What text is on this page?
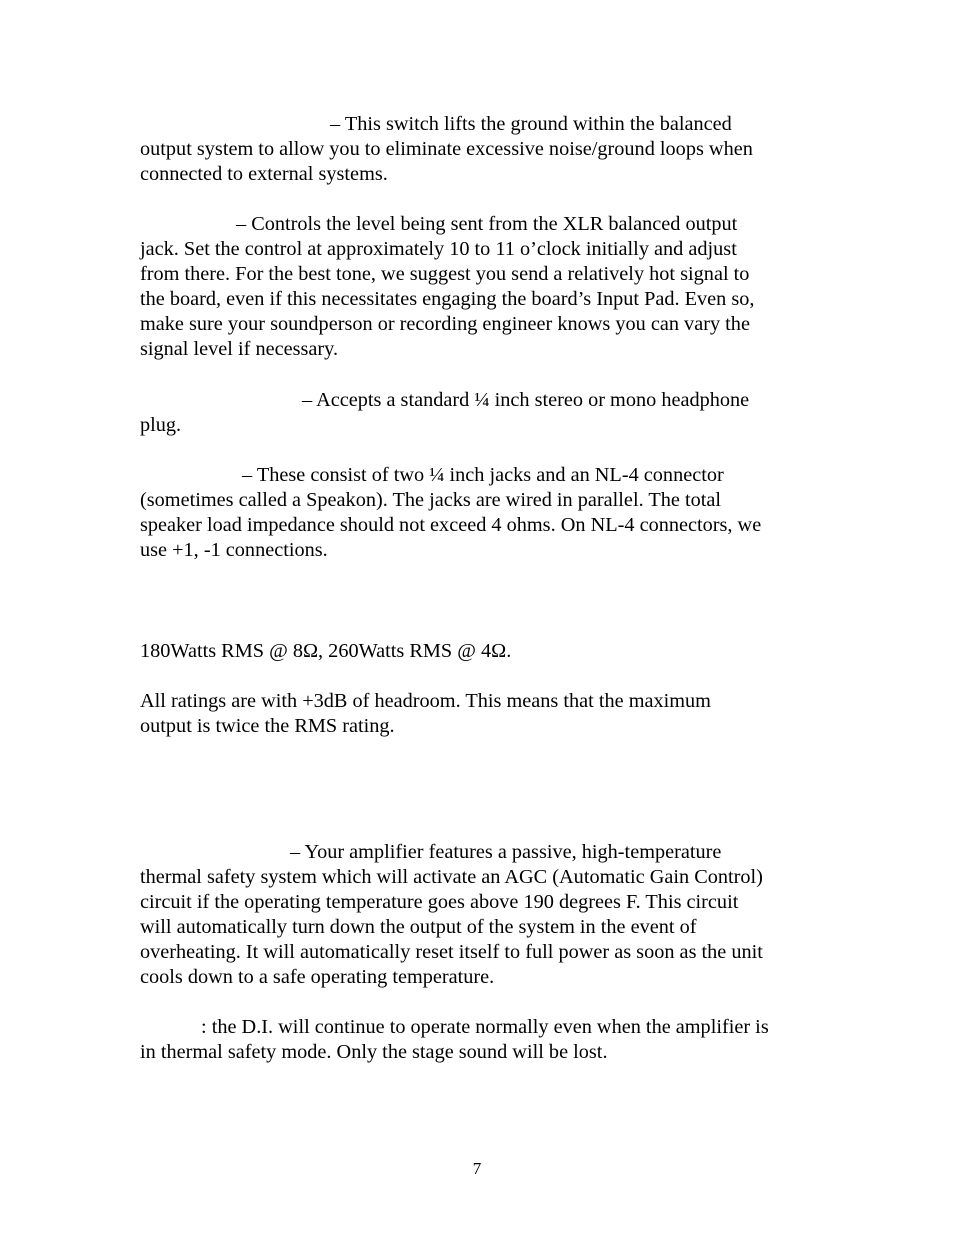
– This switch lifts the ground within the balanced
output system to allow you to eliminate excessive noise/ground loops when
connected to external systems.

– Controls the level being sent from the XLR balanced output
jack. Set the control at approximately 10 to 11 o’clock initially and adjust
from there. For the best tone, we suggest you send a relatively hot signal to
the board, even if this necessitates engaging the board’s Input Pad. Even so,
make sure your soundperson or recording engineer knows you can vary the
signal level if necessary.

– Accepts a standard ¼ inch stereo or mono headphone
plug.

– These consist of two ¼ inch jacks and an NL-4 connector
(sometimes called a Speakon). The jacks are wired in parallel. The total
speaker load impedance should not exceed 4 ohms. On NL-4 connectors, we
use +1, -1 connections.

180Watts RMS @ 8Ω, 260Watts RMS @ 4Ω.

All ratings are with +3dB of headroom. This means that the maximum
output is twice the RMS rating.

– Your amplifier features a passive, high-temperature
thermal safety system which will activate an AGC (Automatic Gain Control)
circuit if the operating temperature goes above 190 degrees F. This circuit
will automatically turn down the output of the system in the event of
overheating. It will automatically reset itself to full power as soon as the unit
cools down to a safe operating temperature.

: the D.I. will continue to operate normally even when the amplifier is
in thermal safety mode. Only the stage sound will be lost.

7
